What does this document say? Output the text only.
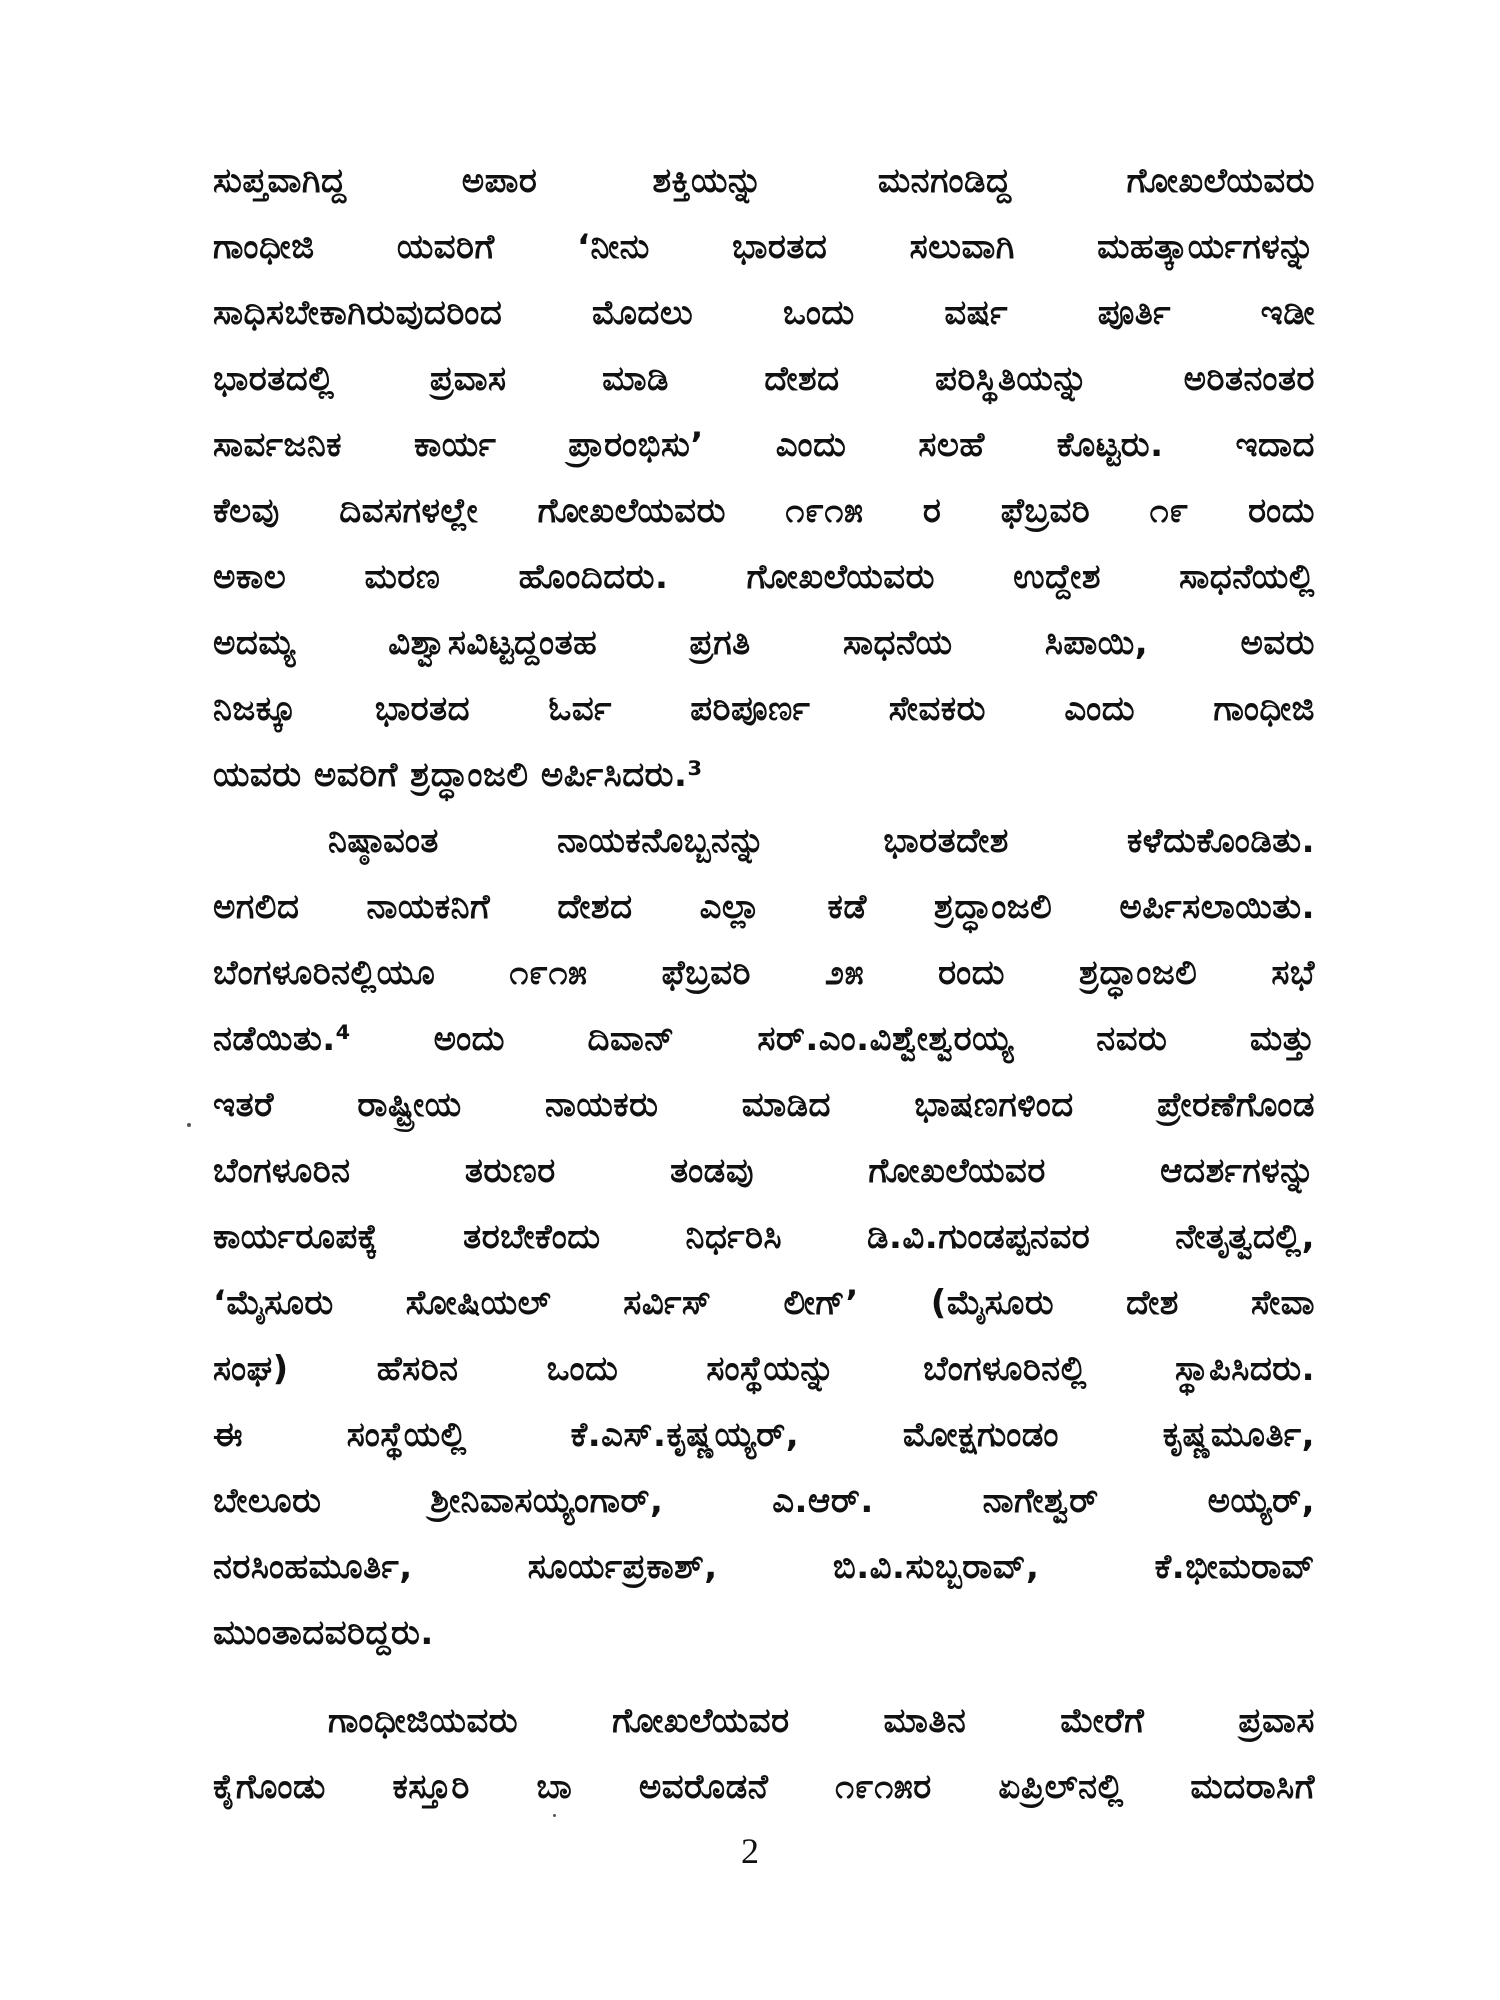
ಸುಪ್ತವಾಗಿದ್ದ ಅಪಾರ ಶಕ್ತಿಯನ್ನು ಮನಗಂಡಿದ್ದ ಗೋಖಲೆಯವರು
ಗಾಂಧೀಜಿ ಯವರಿಗೆ ‘ನೀನು ಭಾರತದ ಸಲುವಾಗಿ ಮಹತ್ಕಾರ್ಯಗಳನ್ನು
ಸಾಧಿಸಬೇಕಾಗಿರುವುದರಿಂದ ಮೊದಲು ಒಂದು ವರ್ಷ ಪೂರ್ತಿ ಇಡೀ
ಭಾರತದಲ್ಲಿ ಪ್ರವಾಸ ಮಾಡಿ ದೇಶದ ಪರಿಸ್ಥಿತಿಯನ್ನು ಅರಿತನಂತರ
ಸಾರ್ವಜನಿಕ ಕಾರ್ಯ ಪ್ರಾರಂಭಿಸು’ ಎಂದು ಸಲಹೆ ಕೊಟ್ಟರು. ಇದಾದ
ಕೆಲವು ದಿವಸಗಳಲ್ಲೇ ಗೋಖಲೆಯವರು ೧೯೧೫ ರ ಫೆಬ್ರವರಿ ೧೯ ರಂದು
ಅಕಾಲ ಮರಣ ಹೊಂದಿದರು. ಗೋಖಲೆಯವರು ಉದ್ದೇಶ ಸಾಧನೆಯಲ್ಲಿ
ಅದಮ್ಯ ವಿಶ್ವಾಸವಿಟ್ಟದ್ದಂತಹ ಪ್ರಗತಿ ಸಾಧನೆಯ ಸಿಪಾಯಿ, ಅವರು
ನಿಜಕ್ಕೂ ಭಾರತದ ಓರ್ವ ಪರಿಪೂರ್ಣ ಸೇವಕರು ಎಂದು ಗಾಂಧೀಜಿ
ಯವರು ಅವರಿಗೆ ಶ್ರದ್ಧಾಂಜಲಿ ಅರ್ಪಿಸಿದರು.³
ನಿಷ್ಠಾವಂತ ನಾಯಕನೊಬ್ಬನನ್ನು ಭಾರತದೇಶ ಕಳೆದುಕೊಂಡಿತು.
ಅಗಲಿದ ನಾಯಕನಿಗೆ ದೇಶದ ಎಲ್ಲಾ ಕಡೆ ಶ್ರದ್ಧಾಂಜಲಿ ಅರ್ಪಿಸಲಾಯಿತು.
ಬೆಂಗಳೂರಿನಲ್ಲಿಯೂ ೧೯೧೫ ಫೆಬ್ರವರಿ ೨೫ ರಂದು ಶ್ರದ್ಧಾಂಜಲಿ ಸಭೆ
ನಡೆಯಿತು.⁴ ಅಂದು ದಿವಾನ್ ಸರ್.ಎಂ.ವಿಶ್ವೇಶ್ವರಯ್ಯ ನವರು ಮತ್ತು
ಇತರೆ ರಾಷ್ಟ್ರೀಯ ನಾಯಕರು ಮಾಡಿದ ಭಾಷಣಗಳಿಂದ ಪ್ರೇರಣೆಗೊಂಡ
ಬೆಂಗಳೂರಿನ ತರುಣರ ತಂಡವು ಗೋಖಲೆಯವರ ಆದರ್ಶಗಳನ್ನು
ಕಾರ್ಯರೂಪಕ್ಕೆ ತರಬೇಕೆಂದು ನಿರ್ಧರಿಸಿ ಡಿ.ವಿ.ಗುಂಡಪ್ಪನವರ ನೇತೃತ್ವದಲ್ಲಿ,
‘ಮೈಸೂರು ಸೋಷಿಯಲ್ ಸರ್ವಿಸ್ ಲೀಗ್’ (ಮೈಸೂರು ದೇಶ ಸೇವಾ
ಸಂಘ) ಹೆಸರಿನ ಒಂದು ಸಂಸ್ಥೆಯನ್ನು ಬೆಂಗಳೂರಿನಲ್ಲಿ ಸ್ಥಾಪಿಸಿದರು.
ಈ ಸಂಸ್ಥೆಯಲ್ಲಿ ಕೆ.ಎಸ್.ಕೃಷ್ಣಯ್ಯರ್, ಮೋಕ್ಷಗುಂಡಂ ಕೃಷ್ಣಮೂರ್ತಿ,
ಬೇಲೂರು ಶ್ರೀನಿವಾಸಯ್ಯಂಗಾರ್, ಎ.ಆರ್. ನಾಗೇಶ್ವರ್ ಅಯ್ಯರ್,
ನರಸಿಂಹಮೂರ್ತಿ, ಸೂರ್ಯಪ್ರಕಾಶ್, ಬಿ.ವಿ.ಸುಬ್ಬರಾವ್, ಕೆ.ಭೀಮರಾವ್
ಮುಂತಾದವರಿದ್ದರು.
ಗಾಂಧೀಜಿಯವರು ಗೋಖಲೆಯವರ ಮಾತಿನ ಮೇರೆಗೆ ಪ್ರವಾಸ
ಕೈಗೊಂಡು ಕಸ್ತೂರಿ ಬಾ ಅವರೊಡನೆ ೧೯೧೫ರ ಏಪ್ರಿಲ್‌ನಲ್ಲಿ ಮದರಾಸಿಗೆ
2
